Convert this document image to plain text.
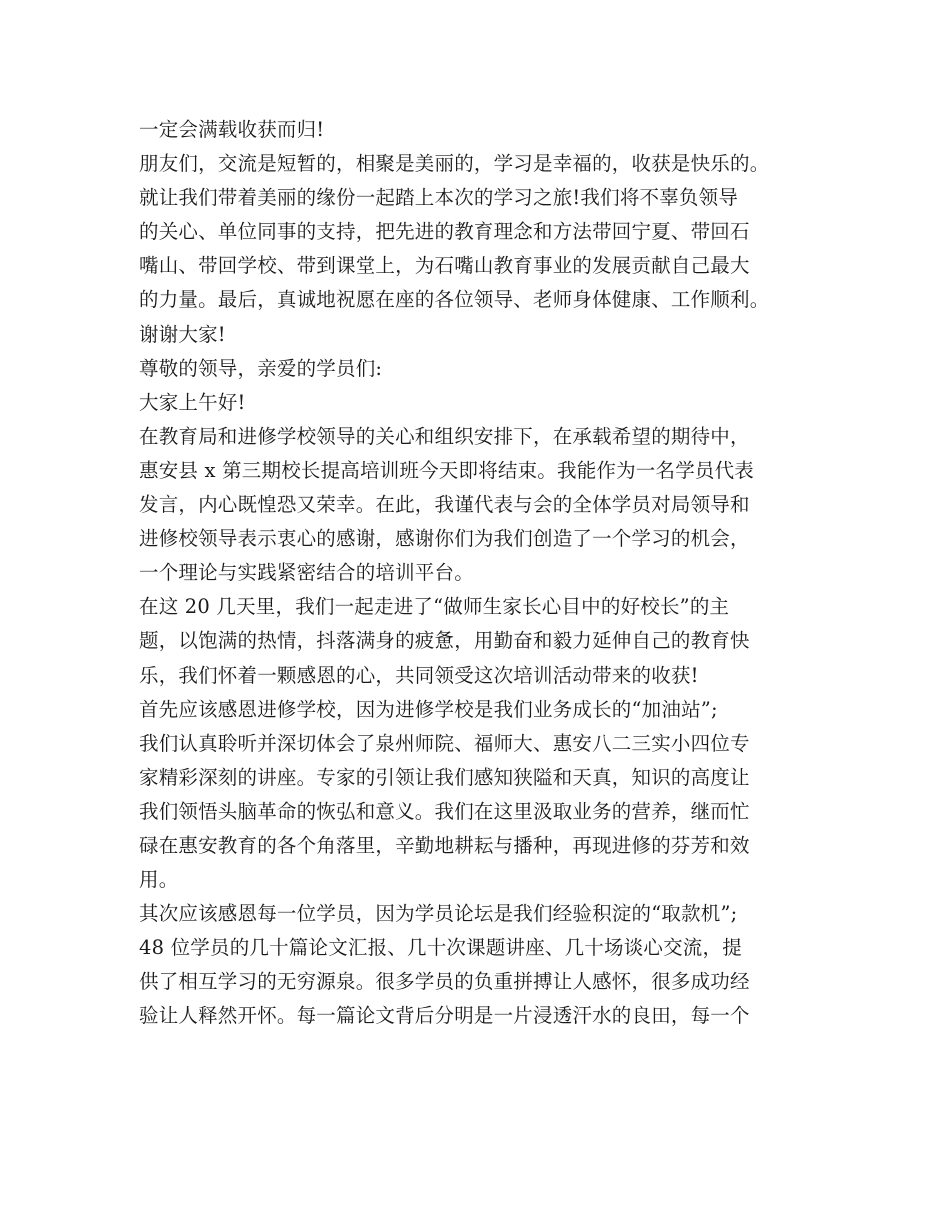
一定会满载收获而归!
朋友们，交流是短暂的，相聚是美丽的，学习是幸福的，收获是快乐的。
就让我们带着美丽的缘份一起踏上本次的学习之旅!我们将不辜负领导
的关心、单位同事的支持，把先进的教育理念和方法带回宁夏、带回石
嘴山、带回学校、带到课堂上，为石嘴山教育事业的发展贡献自己最大
的力量。最后，真诚地祝愿在座的各位领导、老师身体健康、工作顺利。
谢谢大家!
尊敬的领导，亲爱的学员们:
大家上午好!
在教育局和进修学校领导的关心和组织安排下，在承载希望的期待中，
惠安县 x 第三期校长提高培训班今天即将结束。我能作为一名学员代表
发言，内心既惶恐又荣幸。在此，我谨代表与会的全体学员对局领导和
进修校领导表示衷心的感谢，感谢你们为我们创造了一个学习的机会，
一个理论与实践紧密结合的培训平台。
在这 20 几天里，我们一起走进了“做师生家长心目中的好校长”的主
题，以饱满的热情，抖落满身的疲惫，用勤奋和毅力延伸自己的教育快
乐，我们怀着一颗感恩的心，共同领受这次培训活动带来的收获!
首先应该感恩进修学校，因为进修学校是我们业务成长的“加油站”;
我们认真聆听并深切体会了泉州师院、福师大、惠安八二三实小四位专
家精彩深刻的讲座。专家的引领让我们感知狭隘和天真，知识的高度让
我们领悟头脑革命的恢弘和意义。我们在这里汲取业务的营养，继而忙
碌在惠安教育的各个角落里，辛勤地耕耘与播种，再现进修的芬芳和效
用。
其次应该感恩每一位学员，因为学员论坛是我们经验积淀的“取款机”;
48 位学员的几十篇论文汇报、几十次课题讲座、几十场谈心交流，提
供了相互学习的无穷源泉。很多学员的负重拼搏让人感怀，很多成功经
验让人释然开怀。每一篇论文背后分明是一片浸透汗水的良田，每一个
